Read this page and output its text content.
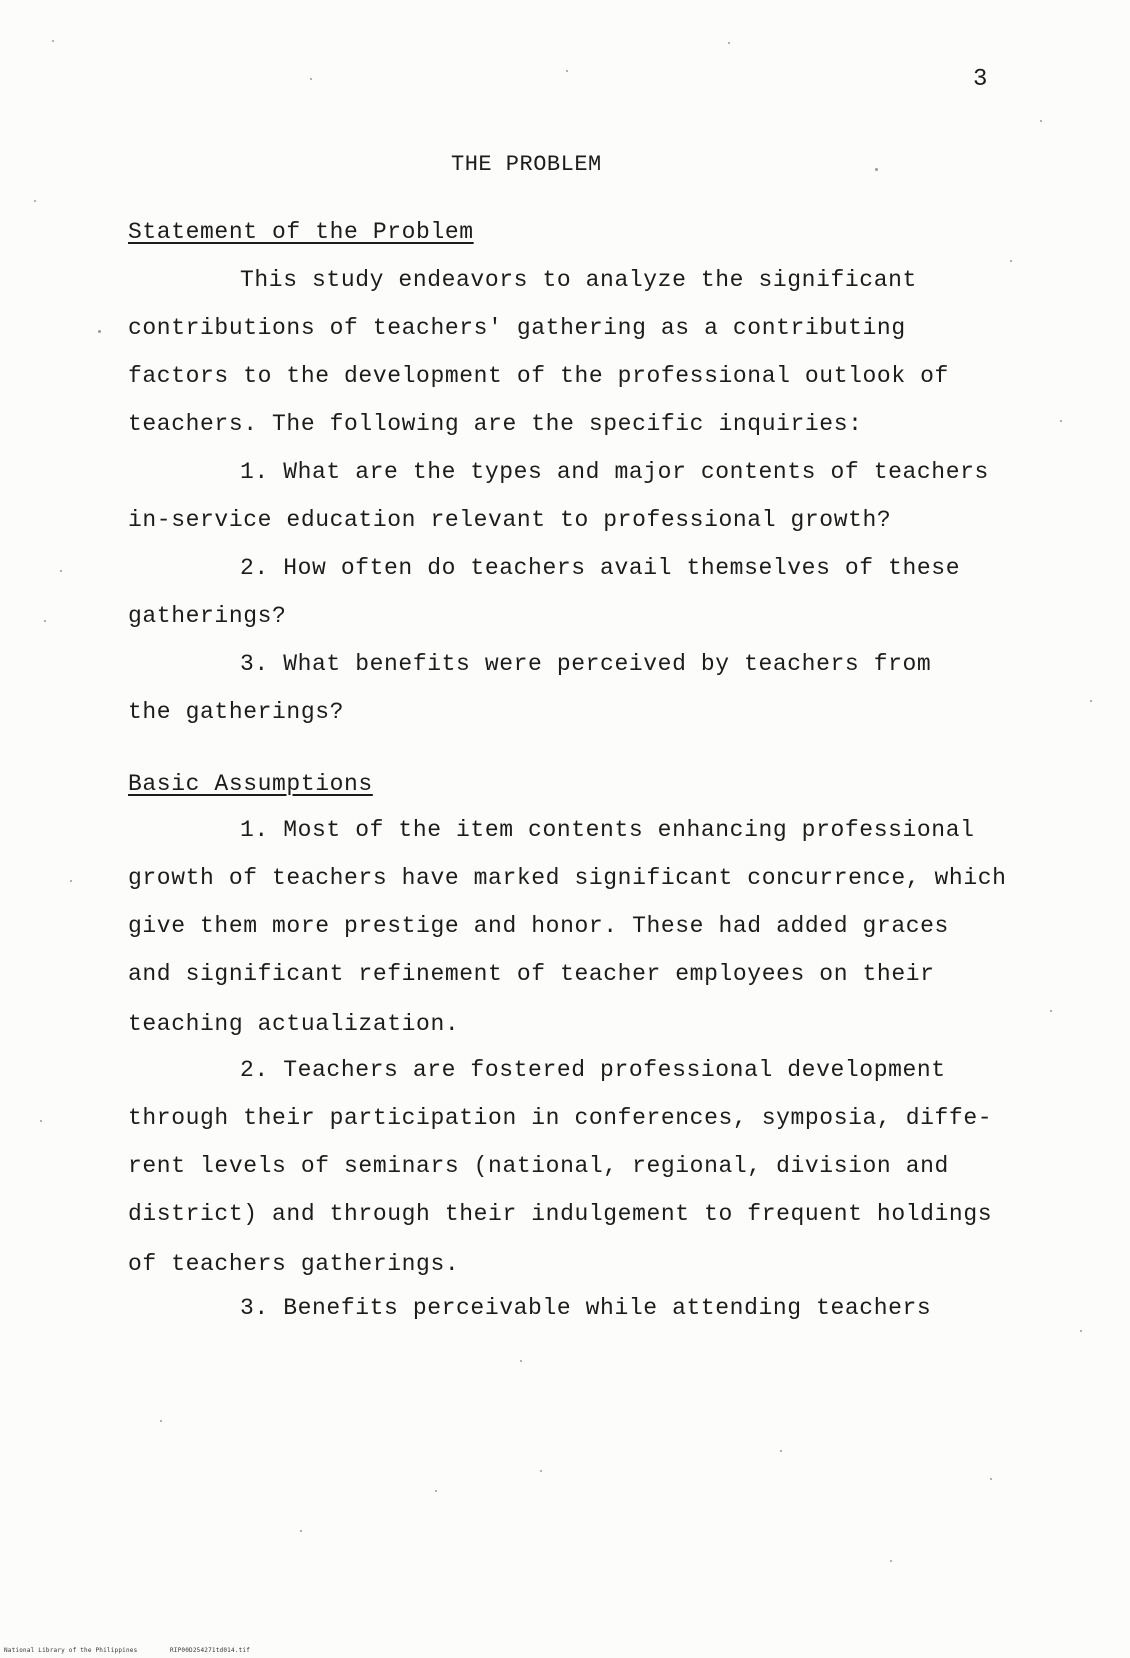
3
THE PROBLEM
Statement of the Problem
This study endeavors to analyze the significant
contributions of teachers' gathering as a contributing
factors to the development of the professional outlook of
teachers. The following are the specific inquiries:
1. What are the types and major contents of teachers
in-service education relevant to professional growth?
2. How often do teachers avail themselves of these
gatherings?
3. What benefits were perceived by teachers from
the gatherings?
Basic Assumptions
1. Most of the item contents enhancing professional
growth of teachers have marked significant concurrence, which
give them more prestige and honor. These had added graces
and significant refinement of teacher employees on their
teaching actualization.
2. Teachers are fostered professional development
through their participation in conferences, symposia, diffe-
rent levels of seminars (national, regional, division and
district) and through their indulgement to frequent holdings
of teachers gatherings.
3. Benefits perceivable while attending teachers
National Library of the Philippines	RIP00D254271td014.tif
